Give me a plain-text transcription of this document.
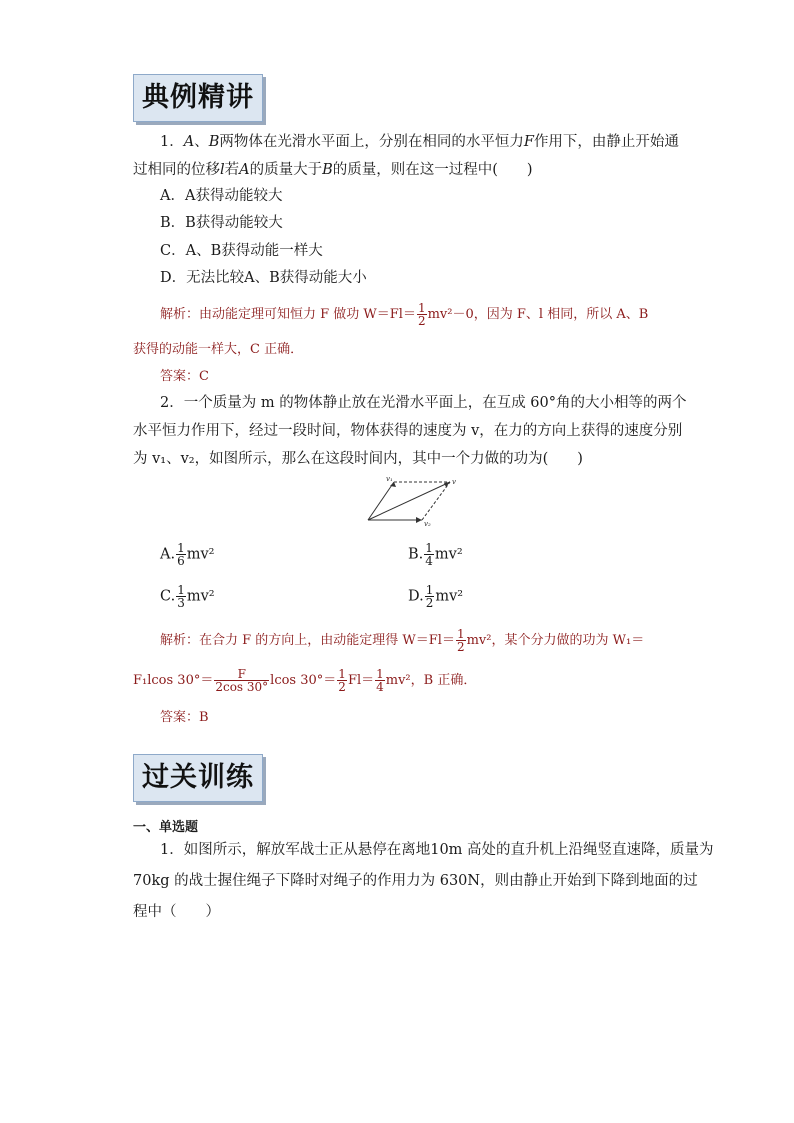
典例精讲
1．A、B两物体在光滑水平面上，分别在相同的水平恒力F作用下，由静止开始通
过相同的位移l若A的质量大于B的质量，则在这一过程中(　　)
A．A获得动能较大
B．B获得动能较大
C．A、B获得动能一样大
D．无法比较A、B获得动能大小
解析：由动能定理可知恒力 F 做功 $W=Fl= \frac{1}{2} mv^2-0$，因为 F、l 相同，所以 A、B
获得的动能一样大，C 正确．
答案：C
2．一个质量为 m 的物体静止放在光滑水平面上，在互成 60°角的大小相等的两个
水平恒力作用下，经过一段时间，物体获得的速度为 v，在力的方向上获得的速度分别
为 v₁、v₂，如图所示，那么在这段时间内，其中一个力做的功为(　　)
v₁	v
v₂
A. $\frac{1}{6} mv^2$	B. $\frac{1}{4} mv^2$
C. $\frac{1}{3} mv^2$	D. $\frac{1}{2} mv^2$
解析：在合力 F 的方向上，由动能定理得 $W=Fl= \frac{1}{2} mv^2$，某个分力做的功为 W₁＝
F₁lcos $30^\circ= \frac{F}{2\cos 30^\circ}$ lcos $30^\circ= \frac{1}{2} Fl= \frac{1}{4} mv^2$，B 正确．
答案：B
过关训练
一、单选题
1．如图所示，解放军战士正从悬停在离地10m 高处的直升机上沿绳竖直速降，质量为
70kg 的战士握住绳子下降时对绳子的作用力为 630N，则由静止开始到下降到地面的过
程中（　　）
